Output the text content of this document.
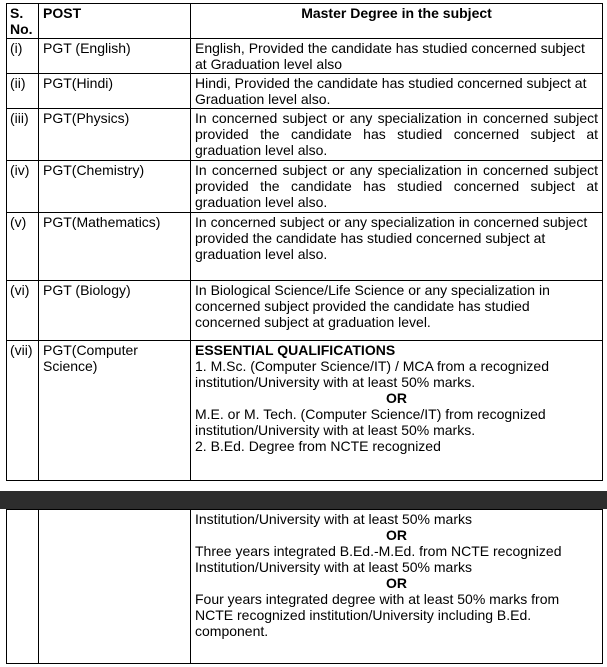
S. No.	POST	Master Degree in the subject
(i)	PGT (English)	English, Provided the candidate has studied concerned subject at Graduation level also
(ii)	PGT(Hindi)	Hindi, Provided the candidate has studied concerned subject at Graduation level also.
(iii)	PGT(Physics)	In concerned subject or any specialization in concerned subject provided the candidate has studied concerned subject at graduation level also.
(iv)	PGT(Chemistry)	In concerned subject or any specialization in concerned subject provided the candidate has studied concerned subject at graduation level also.
(v)	PGT(Mathematics)	In concerned subject or any specialization in concerned subject provided the candidate has studied concerned subject at graduation level also.
(vi)	PGT (Biology)	In Biological Science/Life Science or any specialization in concerned subject provided the candidate has studied concerned subject at graduation level.
(vii)	PGT(Computer Science)	ESSENTIAL QUALIFICATIONS
1. M.Sc. (Computer Science/IT) / MCA from a recognized institution/University with at least 50% marks.
OR
M.E. or M. Tech. (Computer Science/IT) from recognized institution/University with at least 50% marks.
2. B.Ed. Degree from NCTE recognized

Institution/University with at least 50% marks
OR
Three years integrated B.Ed.-M.Ed. from NCTE recognized Institution/University with at least 50% marks
OR
Four years integrated degree with at least 50% marks from NCTE recognized institution/University including B.Ed. component.
